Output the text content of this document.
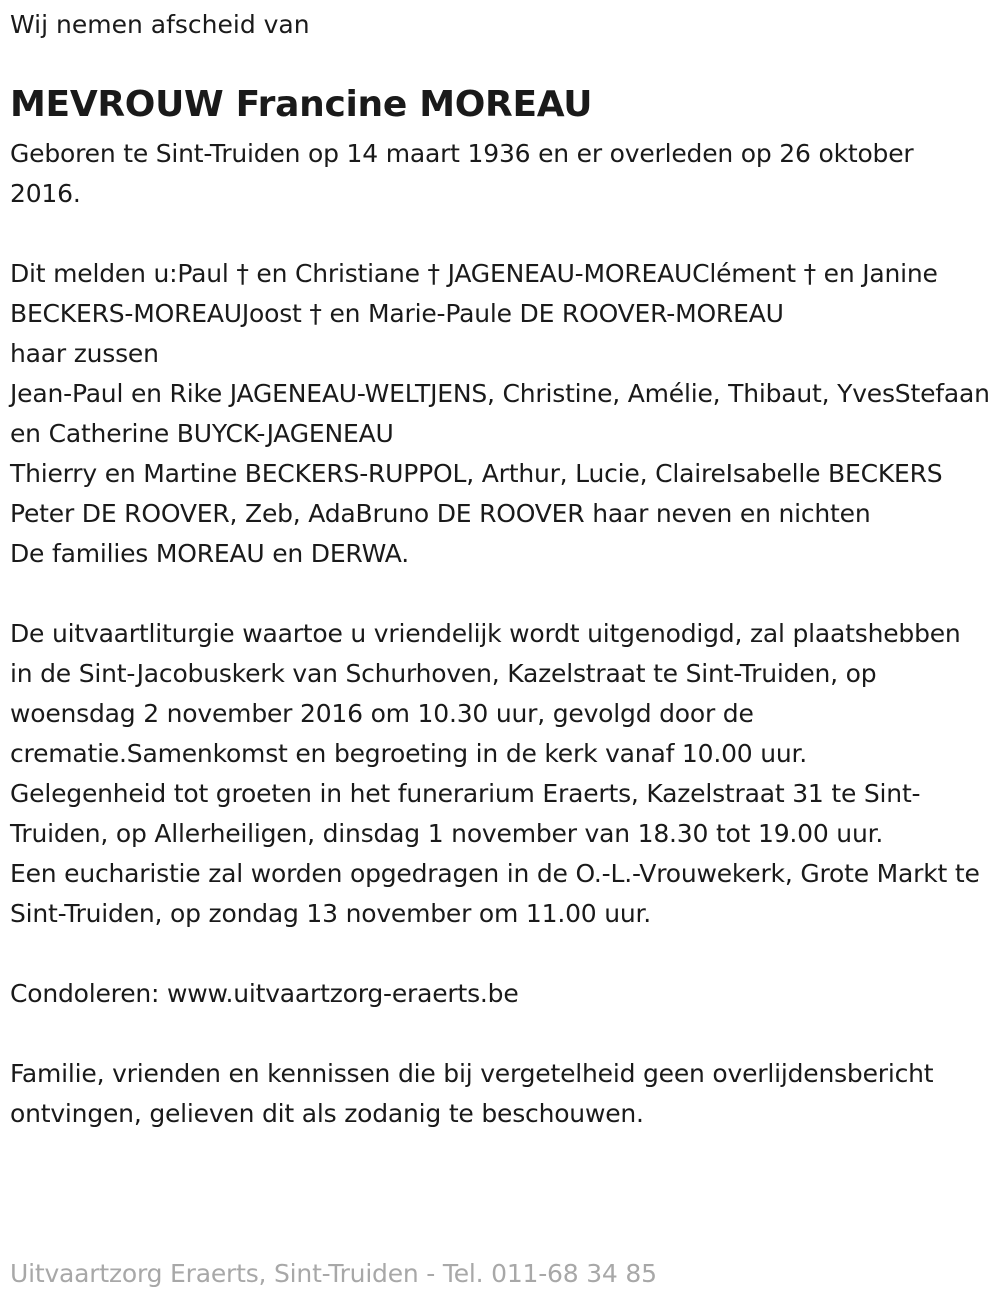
Wij nemen afscheid van

MEVROUW Francine MOREAU

Geboren te Sint-Truiden op 14 maart 1936 en er overleden op 26 oktober 2016.

Dit melden u:Paul † en Christiane † JAGENEAU-MOREAUClément † en Janine BECKERS-MOREAUJoost † en Marie-Paule DE ROOVER-MOREAU

haar zussen

Jean-Paul en Rike JAGENEAU-WELTJENS, Christine, Amélie, Thibaut, YvesStefaan en Catherine BUYCK-JAGENEAU

Thierry en Martine BECKERS-RUPPOL, Arthur, Lucie, ClaireIsabelle BECKERS

Peter DE ROOVER, Zeb, AdaBruno DE ROOVER haar neven en nichten

De families MOREAU en DERWA.

De uitvaartliturgie waartoe u vriendelijk wordt uitgenodigd, zal plaatshebben in de Sint-Jacobuskerk van Schurhoven, Kazelstraat te Sint-Truiden, op woensdag 2 november 2016 om 10.30 uur, gevolgd door de crematie.Samenkomst en begroeting in de kerk vanaf 10.00 uur.

Gelegenheid tot groeten in het funerarium Eraerts, Kazelstraat 31 te Sint-Truiden, op Allerheiligen, dinsdag 1 november van 18.30 tot 19.00 uur.

Een eucharistie zal worden opgedragen in de O.-L.-Vrouwekerk, Grote Markt te Sint-Truiden, op zondag 13 november om 11.00 uur.

Condoleren: www.uitvaartzorg-eraerts.be

Familie, vrienden en kennissen die bij vergetelheid geen overlijdensbericht ontvingen, gelieven dit als zodanig te beschouwen.

Uitvaartzorg Eraerts, Sint-Truiden - Tel. 011-68 34 85
